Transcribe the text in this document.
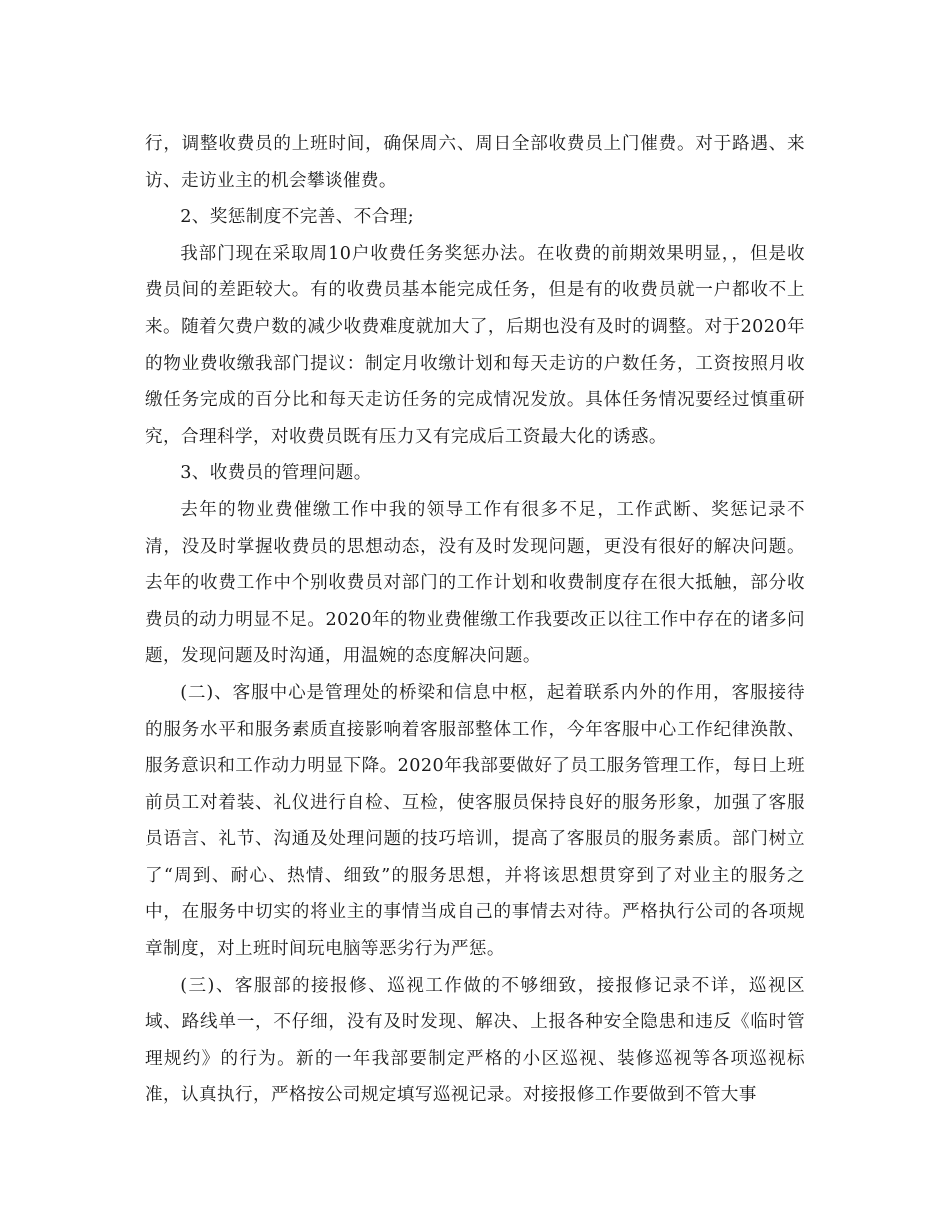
行，调整收费员的上班时间，确保周六、周日全部收费员上门催费。对于路遇、来访、走访业主的机会攀谈催费。

2、奖惩制度不完善、不合理;

我部门现在采取周10户收费任务奖惩办法。在收费的前期效果明显，，但是收费员间的差距较大。有的收费员基本能完成任务，但是有的收费员就一户都收不上来。随着欠费户数的减少收费难度就加大了，后期也没有及时的调整。对于2020年的物业费收缴我部门提议：制定月收缴计划和每天走访的户数任务，工资按照月收缴任务完成的百分比和每天走访任务的完成情况发放。具体任务情况要经过慎重研究，合理科学，对收费员既有压力又有完成后工资最大化的诱惑。

3、收费员的管理问题。

去年的物业费催缴工作中我的领导工作有很多不足，工作武断、奖惩记录不清，没及时掌握收费员的思想动态，没有及时发现问题，更没有很好的解决问题。去年的收费工作中个别收费员对部门的工作计划和收费制度存在很大抵触，部分收费员的动力明显不足。2020年的物业费催缴工作我要改正以往工作中存在的诸多问题，发现问题及时沟通，用温婉的态度解决问题。

(二)、客服中心是管理处的桥梁和信息中枢，起着联系内外的作用，客服接待的服务水平和服务素质直接影响着客服部整体工作，今年客服中心工作纪律涣散、服务意识和工作动力明显下降。2020年我部要做好了员工服务管理工作，每日上班前员工对着装、礼仪进行自检、互检，使客服员保持良好的服务形象，加强了客服员语言、礼节、沟通及处理问题的技巧培训，提高了客服员的服务素质。部门树立了“周到、耐心、热情、细致”的服务思想，并将该思想贯穿到了对业主的服务之中，在服务中切实的将业主的事情当成自己的事情去对待。严格执行公司的各项规章制度，对上班时间玩电脑等恶劣行为严惩。

(三)、客服部的接报修、巡视工作做的不够细致，接报修记录不详，巡视区域、路线单一，不仔细，没有及时发现、解决、上报各种安全隐患和违反《临时管理规约》的行为。新的一年我部要制定严格的小区巡视、装修巡视等各项巡视标准，认真执行，严格按公司规定填写巡视记录。对接报修工作要做到不管大事
